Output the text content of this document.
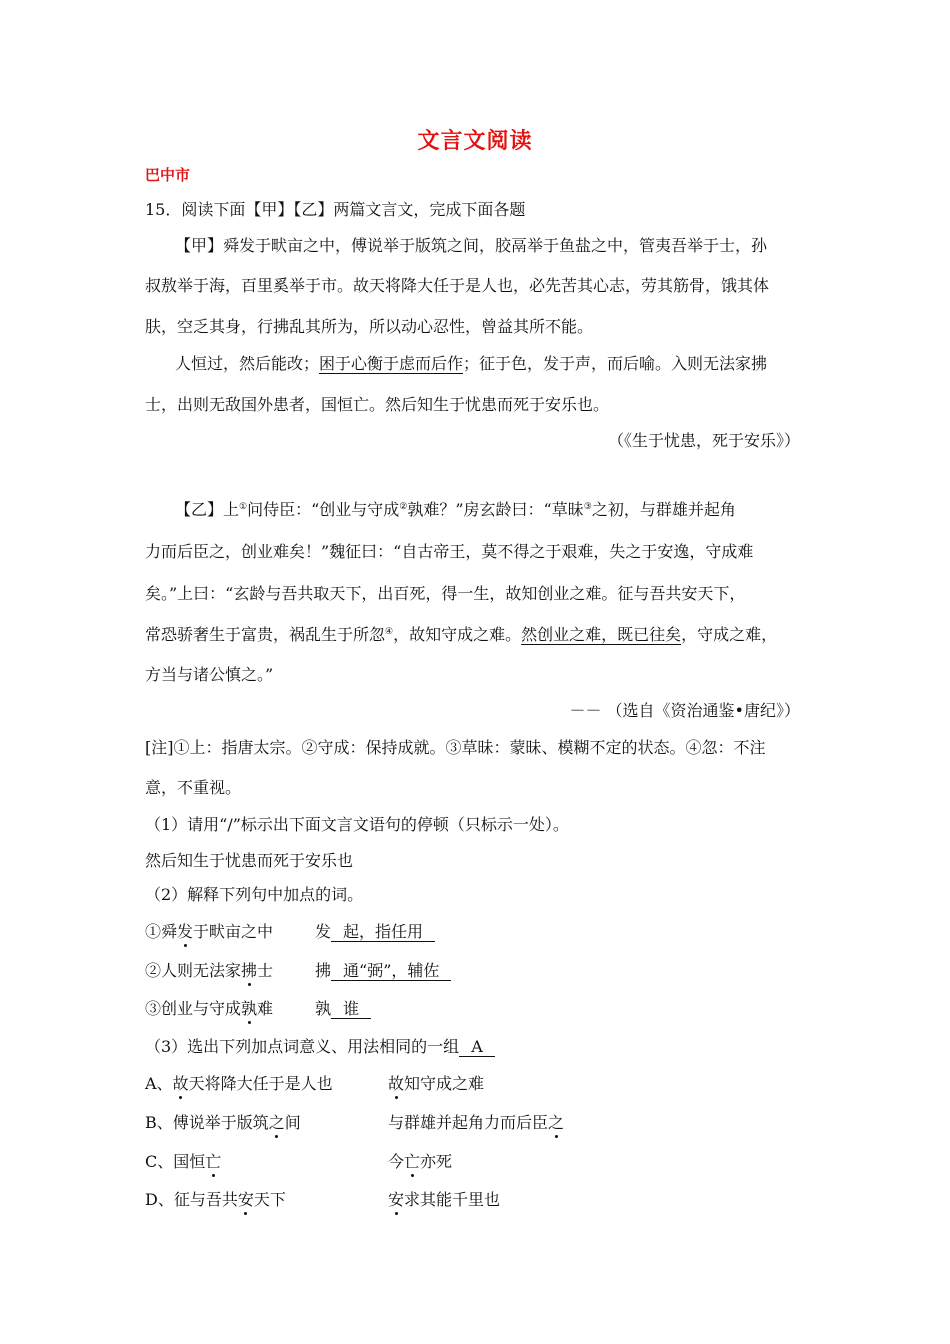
文言文阅读
巴中市
15．阅读下面【甲】【乙】两篇文言文，完成下面各题
【甲】舜发于畎亩之中，傅说举于版筑之间，胶鬲举于鱼盐之中，管夷吾举于士，孙
叔敖举于海，百里奚举于市。故天将降大任于是人也，必先苦其心志，劳其筋骨，饿其体
肤，空乏其身，行拂乱其所为，所以动心忍性，曾益其所不能。
人恒过，然后能改；困于心衡于虑而后作；征于色，发于声，而后喻。入则无法家拂
士，出则无敌国外患者，国恒亡。然后知生于忧患而死于安乐也。
（《生于忧患，死于安乐》）
【乙】上①问侍臣：“创业与守成②孰难？”房玄龄曰：“草昧③之初，与群雄并起角
力而后臣之，创业难矣！”魏征曰：“自古帝王，莫不得之于艰难，失之于安逸，守成难
矣。”上曰：“玄龄与吾共取天下，出百死，得一生，故知创业之难。征与吾共安天下，
常恐骄奢生于富贵，祸乱生于所忽④，故知守成之难。然创业之难，既已往矣，守成之难，
方当与诸公慎之。”
－－ （选自《资治通鉴•唐纪》）
[注]①上：指唐太宗。②守成：保持成就。③草昧：蒙昧、模糊不定的状态。④忽：不注
意，不重视。
（1）请用“/”标示出下面文言文语句的停顿（只标示一处）。
然后知生于忧患而死于安乐也
（2）解释下列句中加点的词。
①舜发于畎亩之中	发 起，指任用
②人则无法家拂士	拂 通“弼”，辅佐
③创业与守成孰难	孰 谁
（3）选出下列加点词意义、用法相同的一组 A
A、故天将降大任于是人也	故知守成之难
B、傅说举于版筑之间	与群雄并起角力而后臣之
C、国恒亡	今亡亦死
D、征与吾共安天下	安求其能千里也
